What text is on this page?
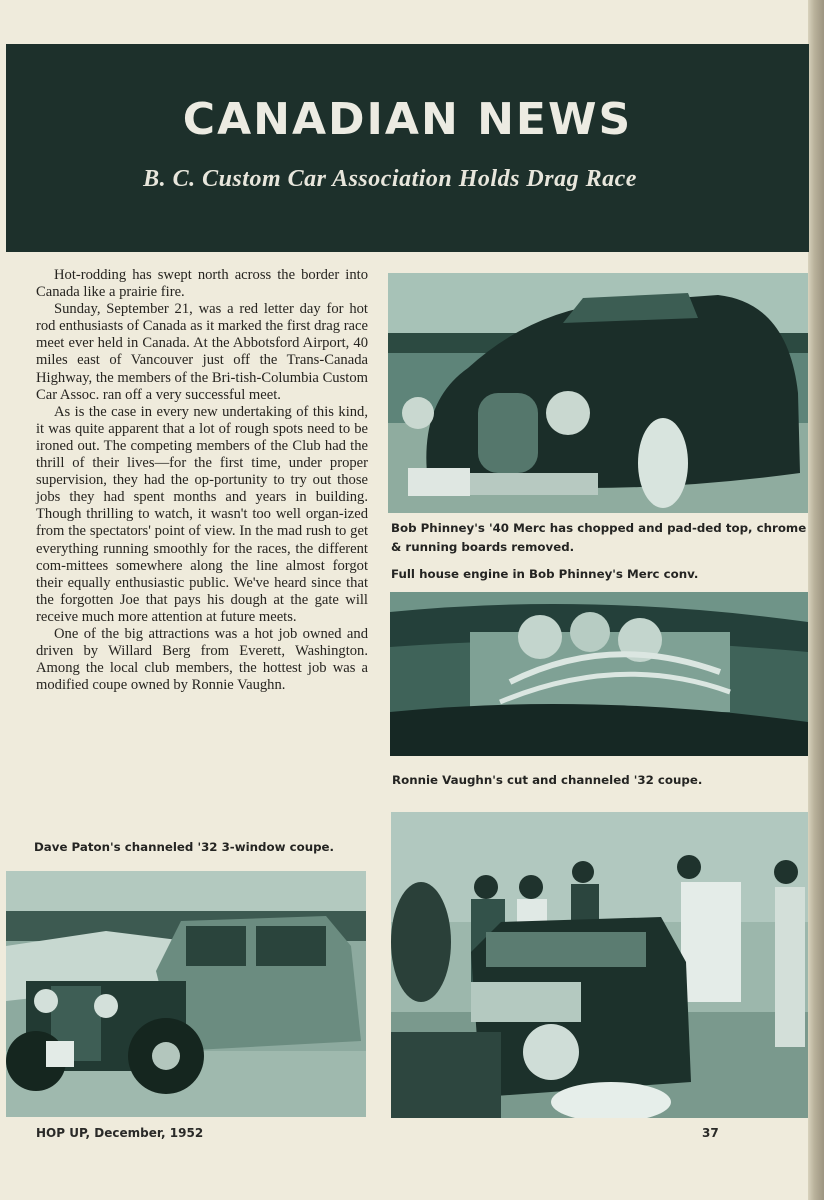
CANADIAN NEWS
B. C. Custom Car Association Holds Drag Race

Hot-rodding has swept north across the border into Canada like a prairie fire.

Sunday, September 21, was a red letter day for hot rod enthusiasts of Canada as it marked the first drag race meet ever held in Canada. At the Abbotsford Airport, 40 miles east of Vancouver just off the Trans-Canada Highway, the members of the Bri-tish-Columbia Custom Car Assoc. ran off a very successful meet.

As is the case in every new undertaking of this kind, it was quite apparent that a lot of rough spots need to be ironed out. The competing members of the Club had the thrill of their lives—for the first time, under proper supervision, they had the op-portunity to try out those jobs they had spent months and years in building. Though thrilling to watch, it wasn't too well organ-ized from the spectators' point of view. In the mad rush to get everything running smoothly for the races, the different com-mittees somewhere along the line almost forgot their equally enthusiastic public. We've heard since that the forgotten Joe that pays his dough at the gate will receive much more attention at future meets.

One of the big attractions was a hot job owned and driven by Willard Berg from Everett, Washington. Among the local club members, the hottest job was a modified coupe owned by Ronnie Vaughn.

Bob Phinney's '40 Merc has chopped and pad-ded top, chrome & running boards removed.
Full house engine in Bob Phinney's Merc conv.
Ronnie Vaughn's cut and channeled '32 coupe.
Dave Paton's channeled '32 3-window coupe.
HOP UP, December, 1952	37
